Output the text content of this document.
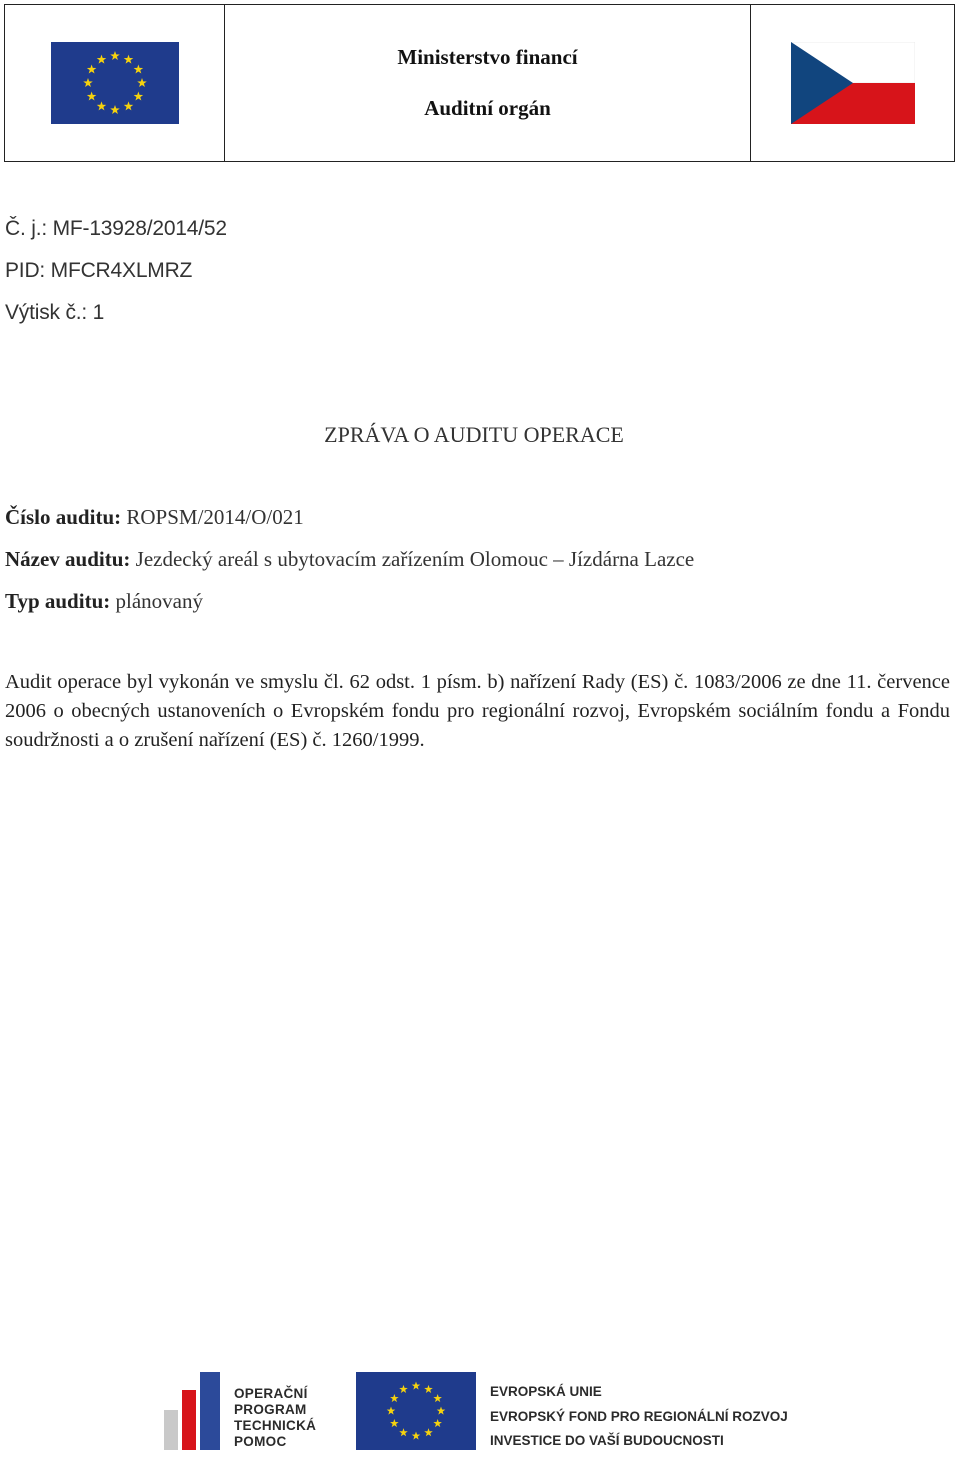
Ministerstvo financí
Auditní orgán

Č. j.: MF-13928/2014/52
PID: MFCR4XLMRZ
Výtisk č.: 1
ZPRÁVA O AUDITU OPERACE
Číslo auditu: ROPSM/2014/O/021
Název auditu: Jezdecký areál s ubytovacím zařízením Olomouc – Jízdárna Lazce
Typ auditu: plánovaný
Audit operace byl vykonán ve smyslu čl. 62 odst. 1 písm. b) nařízení Rady (ES) č. 1083/2006 ze dne 11. července 2006 o obecných ustanoveních o Evropském fondu pro regionální rozvoj, Evropském sociálním fondu a Fondu soudržnosti a o zrušení nařízení (ES) č. 1260/1999.
OPERAČNÍ
PROGRAM
TECHNICKÁ
POMOC
EVROPSKÁ UNIE
EVROPSKÝ FOND PRO REGIONÁLNÍ ROZVOJ
INVESTICE DO VAŠÍ BUDOUCNOSTI
